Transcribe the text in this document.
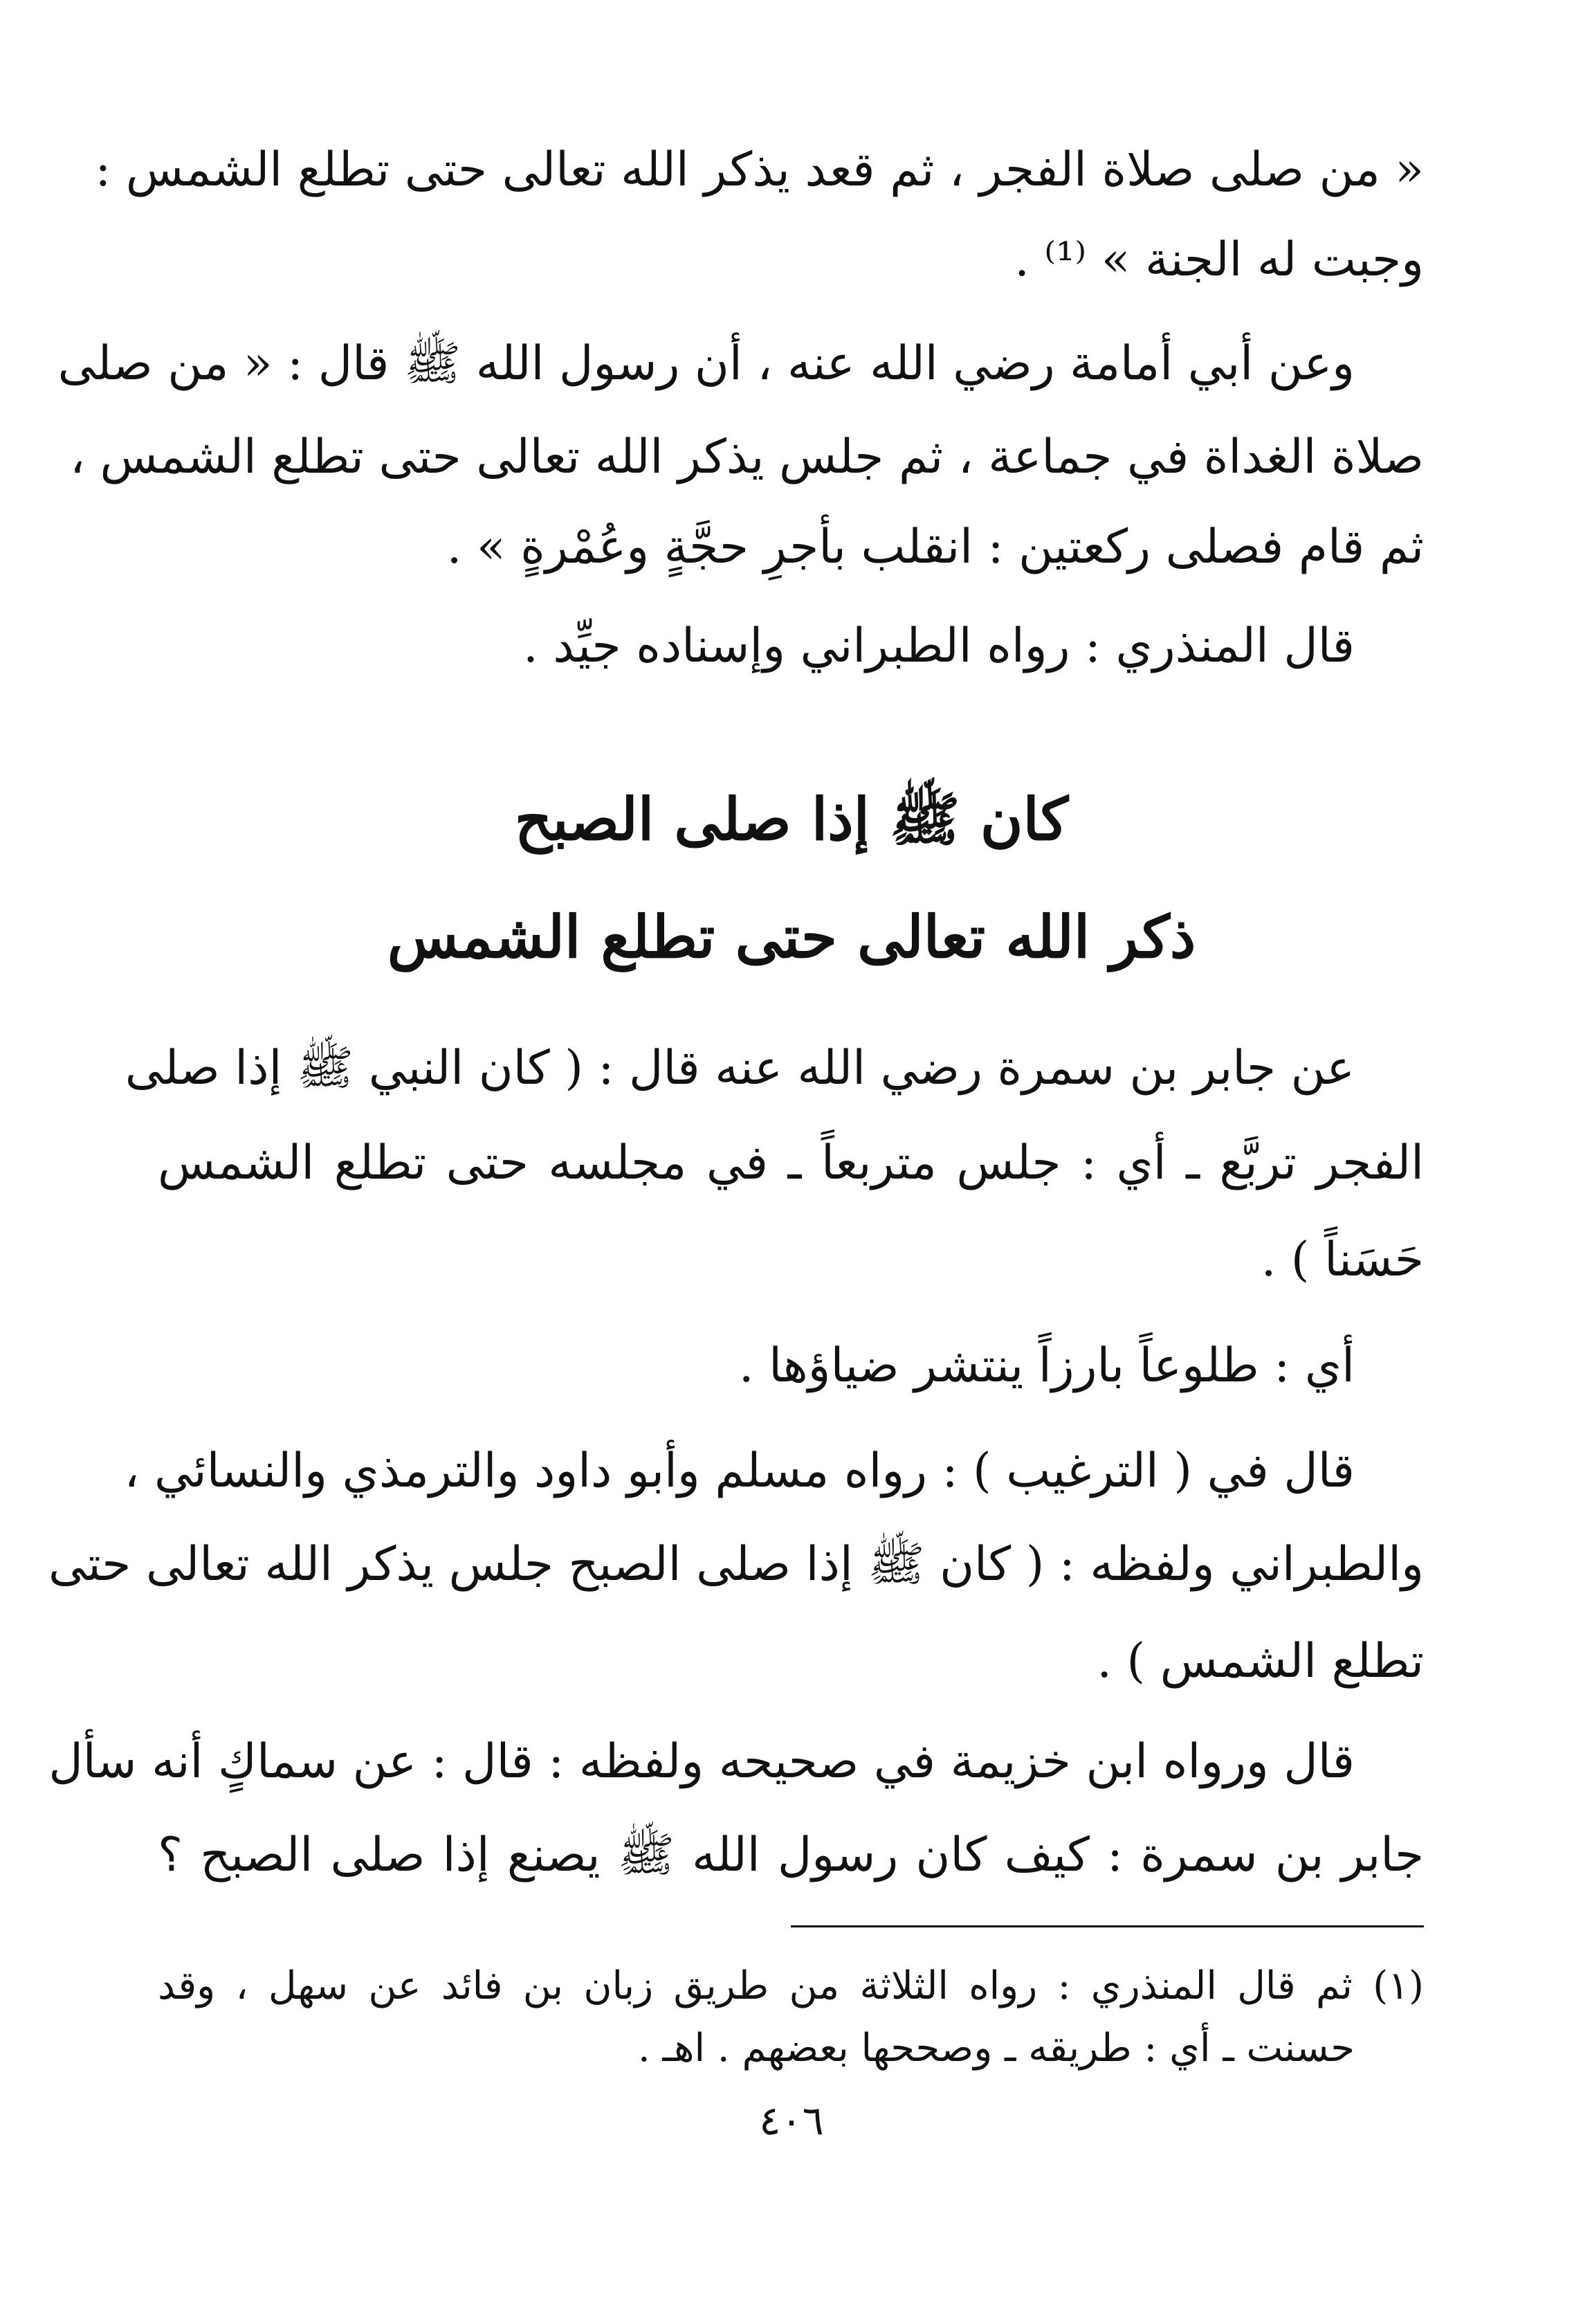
« من صلى صلاة الفجر ، ثم قعد يذكر الله تعالى حتى تطلع الشمس :
وجبت له الجنة » ⁽¹⁾ .
وعن أبي أمامة رضي الله عنه ، أن رسول الله ﷺ قال : « من صلى
صلاة الغداة في جماعة ، ثم جلس يذكر الله تعالى حتى تطلع الشمس ،
ثم قام فصلى ركعتين : انقلب بأجرِ حجَّةٍ وعُمْرةٍ » .
قال المنذري : رواه الطبراني وإسناده جيِّد .
كان ﷺ إذا صلى الصبح
ذكر الله تعالى حتى تطلع الشمس
عن جابر بن سمرة رضي الله عنه قال : ( كان النبي ﷺ إذا صلى
الفجر تربَّع ـ أي : جلس متربعاً ـ في مجلسه حتى تطلع الشمس
حَسَناً ) .
أي : طلوعاً بارزاً ينتشر ضياؤها .
قال في ( الترغيب ) : رواه مسلم وأبو داود والترمذي والنسائي ،
والطبراني ولفظه : ( كان ﷺ إذا صلى الصبح جلس يذكر الله تعالى حتى
تطلع الشمس ) .
قال ورواه ابن خزيمة في صحيحه ولفظه : قال : عن سماكٍ أنه سأل
جابر بن سمرة : كيف كان رسول الله ﷺ يصنع إذا صلى الصبح ؟
(١) ثم قال المنذري : رواه الثلاثة من طريق زبان بن فائد عن سهل ، وقد
حسنت ـ أي : طريقه ـ وصححها بعضهم . اهـ .
٤٠٦
